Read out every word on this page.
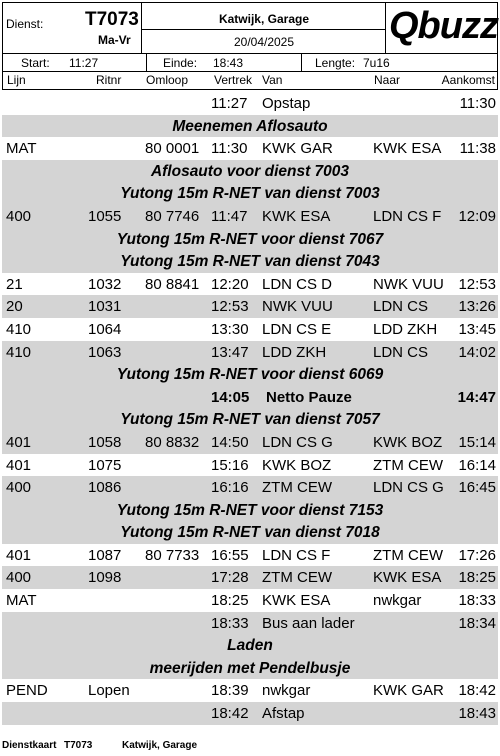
Dienst: T7073
Ma-Vr
Katwijk, Garage
20/04/2025	Qbuzz
Start: 11:27	Einde: 18:43	Lengte: 7u16
Lijn	Ritnr Omloop Vertrek Van	Naar	Aankomst
11:27 Opstap	11:30
Meenemen Aflosauto
MAT	80 0001 11:30 KWK GAR	KWK ESA 11:38
Aflosauto voor dienst 7003
Yutong 15m R-NET van dienst 7003
400	1055 80 7746 11:47 KWK ESA	LDN CS F 12:09
Yutong 15m R-NET voor dienst 7067
Yutong 15m R-NET van dienst 7043
21	1032 80 8841 12:20 LDN CS D	NWK VUU 12:53
20	1031	12:53 NWK VUU	LDN CS 13:26
410	1064	13:30 LDN CS E	LDD ZKH 13:45
410	1063	13:47 LDD ZKH	LDN CS 14:02
Yutong 15m R-NET voor dienst 6069
14:05 Netto Pauze	14:47
Yutong 15m R-NET van dienst 7057
401	1058 80 8832 14:50 LDN CS G	KWK BOZ 15:14
401	1075	15:16 KWK BOZ	ZTM CEW 16:14
400	1086	16:16 ZTM CEW	LDN CS G 16:45
Yutong 15m R-NET voor dienst 7153
Yutong 15m R-NET van dienst 7018
401	1087 80 7733 16:55 LDN CS F	ZTM CEW 17:26
400	1098	17:28 ZTM CEW	KWK ESA 18:25
MAT	18:25 KWK ESA	nwkgar 18:33
18:33 Bus aan lader	18:34
Laden
meerijden met Pendelbusje
PEND	Lopen	18:39 nwkgar	KWK GAR 18:42
18:42 Afstap	18:43
Dienstkaart T7073	Katwijk, Garage
